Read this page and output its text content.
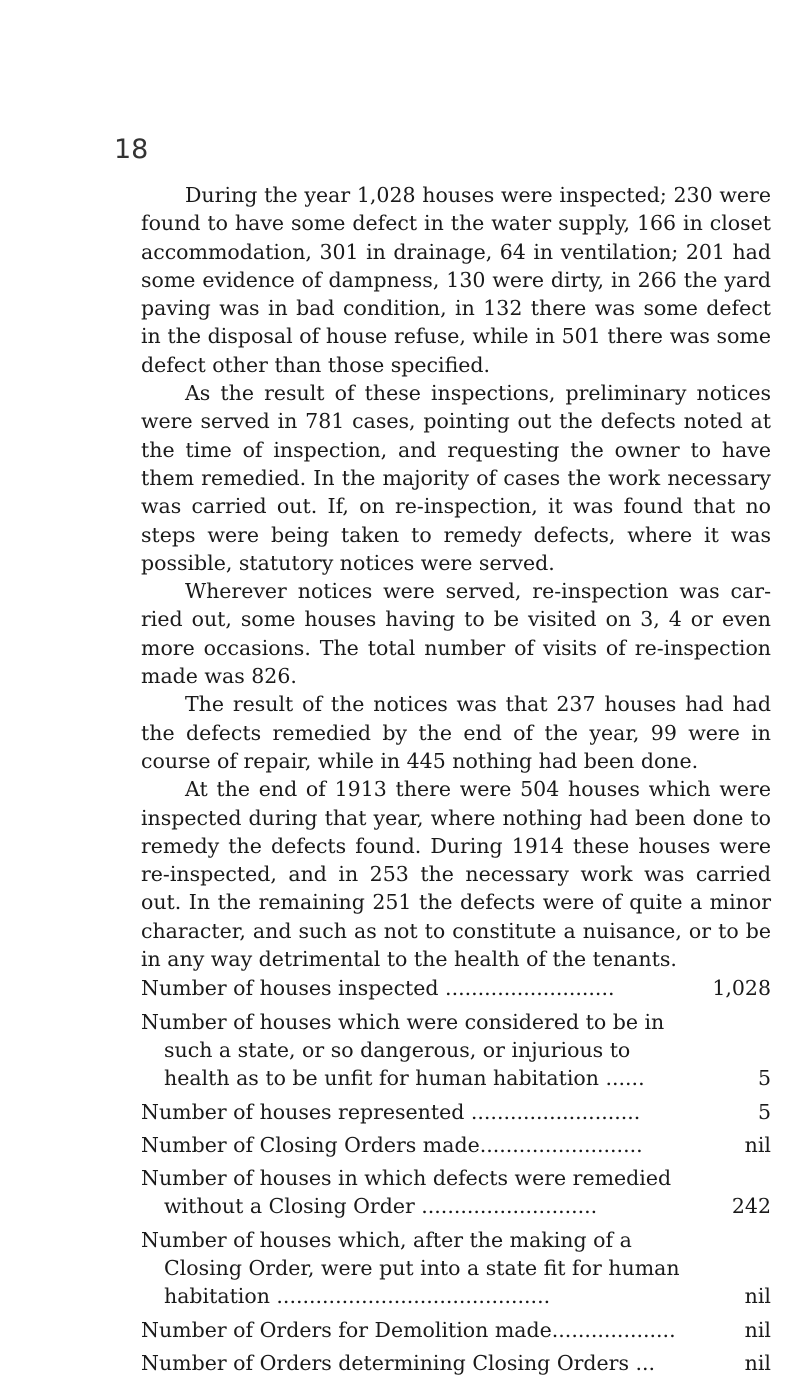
18

During the year 1,028 houses were inspected; 230 were found to have some defect in the water supply, 166 in closet accommodation, 301 in drainage, 64 in ventilation; 201 had some evidence of dampness, 130 were dirty, in 266 the yard paving was in bad condition, in 132 there was some defect in the disposal of house refuse, while in 501 there was some defect other than those specified.

As the result of these inspections, preliminary notices were served in 781 cases, pointing out the defects noted at the time of inspection, and requesting the owner to have them remedied. In the majority of cases the work necessary was carried out. If, on re-inspection, it was found that no steps were being taken to remedy defects, where it was possible, statutory notices were served.

Wherever notices were served, re-inspection was carried out, some houses having to be visited on 3, 4 or even more occasions. The total number of visits of re-inspection made was 826.

The result of the notices was that 237 houses had had the defects remedied by the end of the year, 99 were in course of repair, while in 445 nothing had been done.

At the end of 1913 there were 504 houses which were inspected during that year, where nothing had been done to remedy the defects found. During 1914 these houses were re-inspected, and in 253 the necessary work was carried out. In the remaining 251 the defects were of quite a minor character, and such as not to constitute a nuisance, or to be in any way detrimental to the health of the tenants.

Number of houses inspected ..........................	1,028
Number of houses which were considered to be in such a state, or so dangerous, or injurious to health as to be unfit for human habitation ......	5
Number of houses represented ..........................	5
Number of Closing Orders made.........................	nil
Number of houses in which defects were remedied without a Closing Order ...........................	242
Number of houses which, after the making of a Closing Order, were put into a state fit for human habitation ..........................................	nil
Number of Orders for Demolition made...................	nil
Number of Orders determining Closing Orders ...	nil
